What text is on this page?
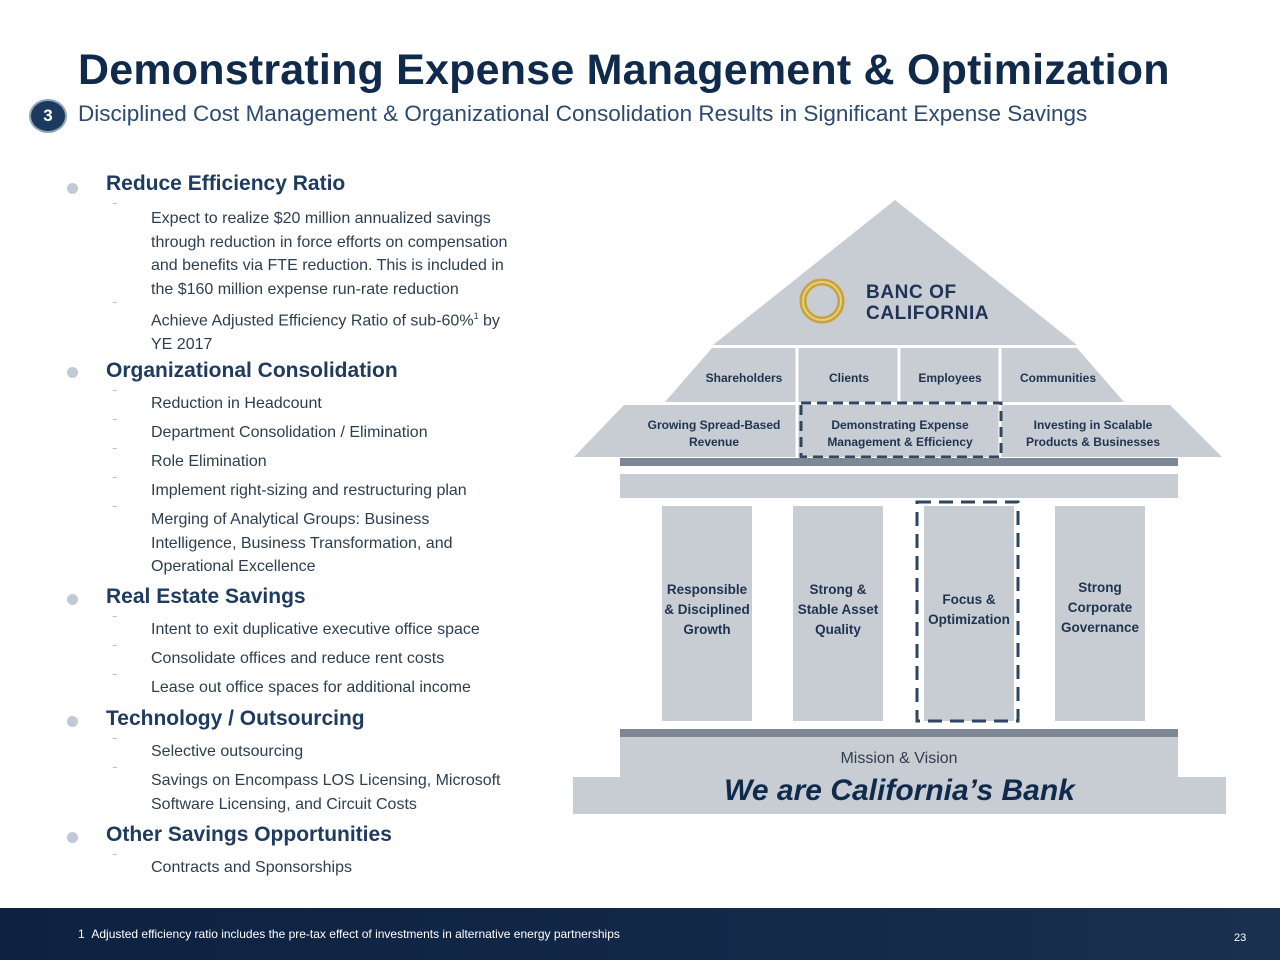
Demonstrating Expense Management & Optimization
3	Disciplined Cost Management & Organizational Consolidation Results in Significant Expense Savings
Reduce Efficiency Ratio
‾
Expect to realize $20 million annualized savings
through reduction in force efforts on compensation
and benefits via FTE reduction. This is included in
the $160 million expense run-rate reduction
‾
Achieve Adjusted Efficiency Ratio of sub-60%$^1$ by
YE 2017
Organizational Consolidation
‾ Reduction in Headcount
‾ Department Consolidation / Elimination
‾ Role Elimination
‾ Implement right-sizing and restructuring plan
‾ Merging of Analytical Groups: Business
Intelligence, Business Transformation, and
Operational Excellence
Real Estate Savings
‾ Intent to exit duplicative executive office space
‾ Consolidate offices and reduce rent costs
‾ Lease out office spaces for additional income
Technology / Outsourcing
‾ Selective outsourcing
‾ Savings on Encompass LOS Licensing, Microsoft
Software Licensing, and Circuit Costs
Other Savings Opportunities
‾ Contracts and Sponsorships
BANC OF
CALIFORNIA
Shareholders	Clients	Employees	Communities
Growing Spread-Based
Revenue
Demonstrating Expense
Management & Efficiency
Investing in Scalable
Products & Businesses
Responsible
& Disciplined
Growth
Strong &
Stable Asset
Quality
Focus &
Optimization
Strong
Corporate
Governance
Mission & Vision
We are California’s Bank
1 Adjusted efficiency ratio includes the pre-tax effect of investments in alternative energy partnerships	23
